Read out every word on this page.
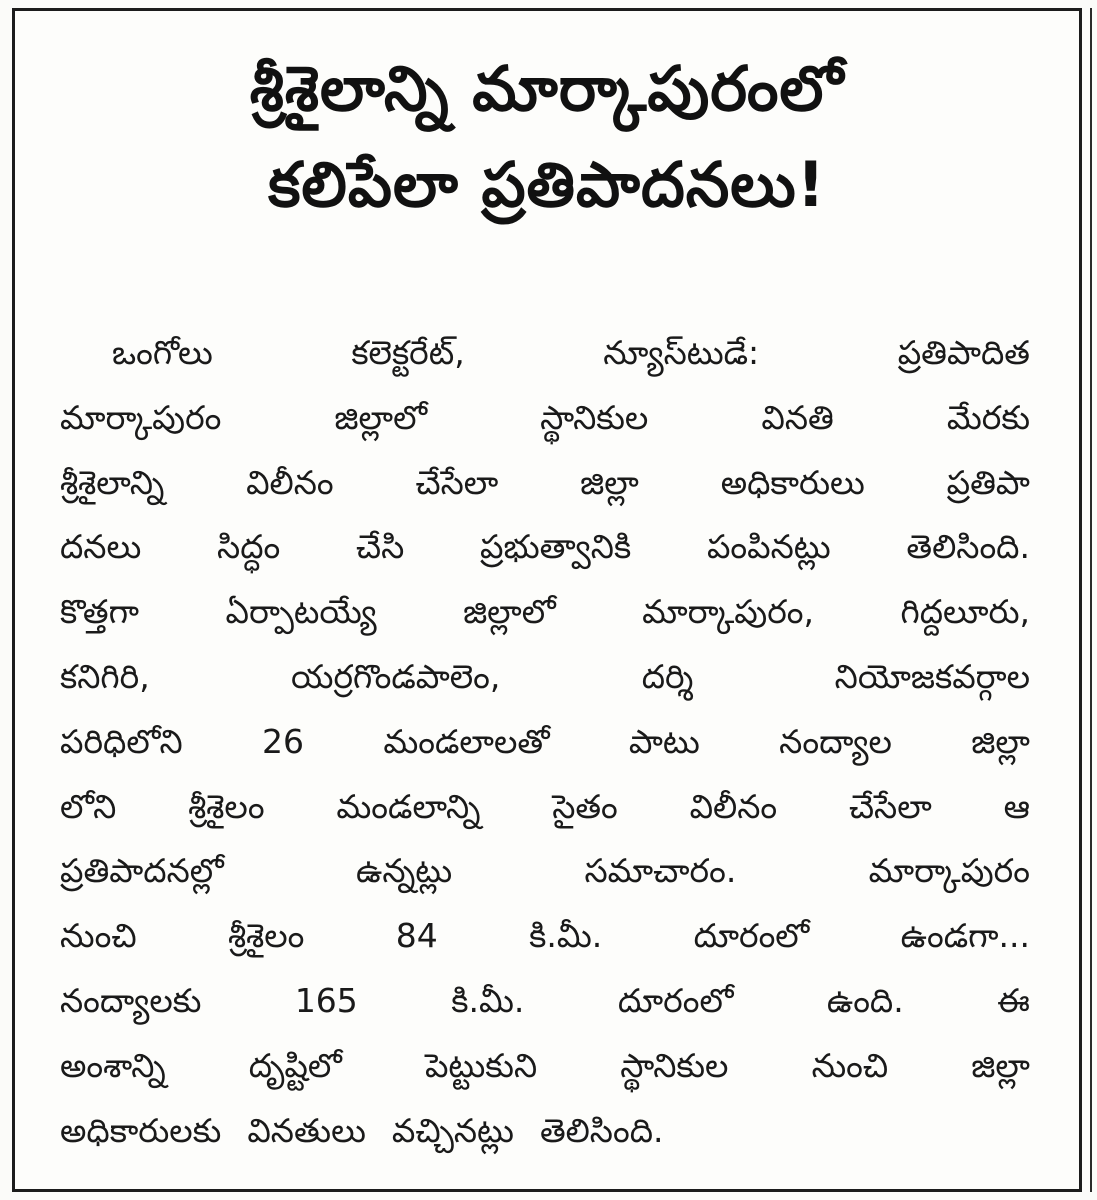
శ్రీశైలాన్ని మార్కాపురంలో
కలిపేలా ప్రతిపాదనలు!
ఒంగోలు	కలెక్టరేట్,	న్యూస్‌టుడే:	ప్రతిపాదిత
మార్కాపురం	జిల్లాలో	స్థానికుల	వినతి	మేరకు
శ్రీశైలాన్ని విలీనం చేసేలా జిల్లా అధికారులు ప్రతిపా
దనలు సిద్ధం చేసి ప్రభుత్వానికి పంపినట్లు తెలిసింది.
కొత్తగా	ఏర్పాటయ్యే	జిల్లాలో	మార్కాపురం,	గిద్దలూరు,
కనిగిరి,	యర్రగొండపాలెం,	దర్శి	నియోజకవర్గాల
పరిధిలోని 26 మండలాలతో పాటు నంద్యాల జిల్లా
లోని శ్రీశైలం మండలాన్ని సైతం విలీనం చేసేలా ఆ
ప్రతిపాదనల్లో	ఉన్నట్లు	సమాచారం.	మార్కాపురం
నుంచి	శ్రీశైలం	84	కి.మీ.	దూరంలో	ఉండగా...
నంద్యాలకు	165	కి.మీ.	దూరంలో	ఉంది.	ఈ
అంశాన్ని	దృష్టిలో	పెట్టుకుని	స్థానికుల	నుంచి	జిల్లా
అధికారులకు వినతులు వచ్చినట్లు తెలిసింది.
